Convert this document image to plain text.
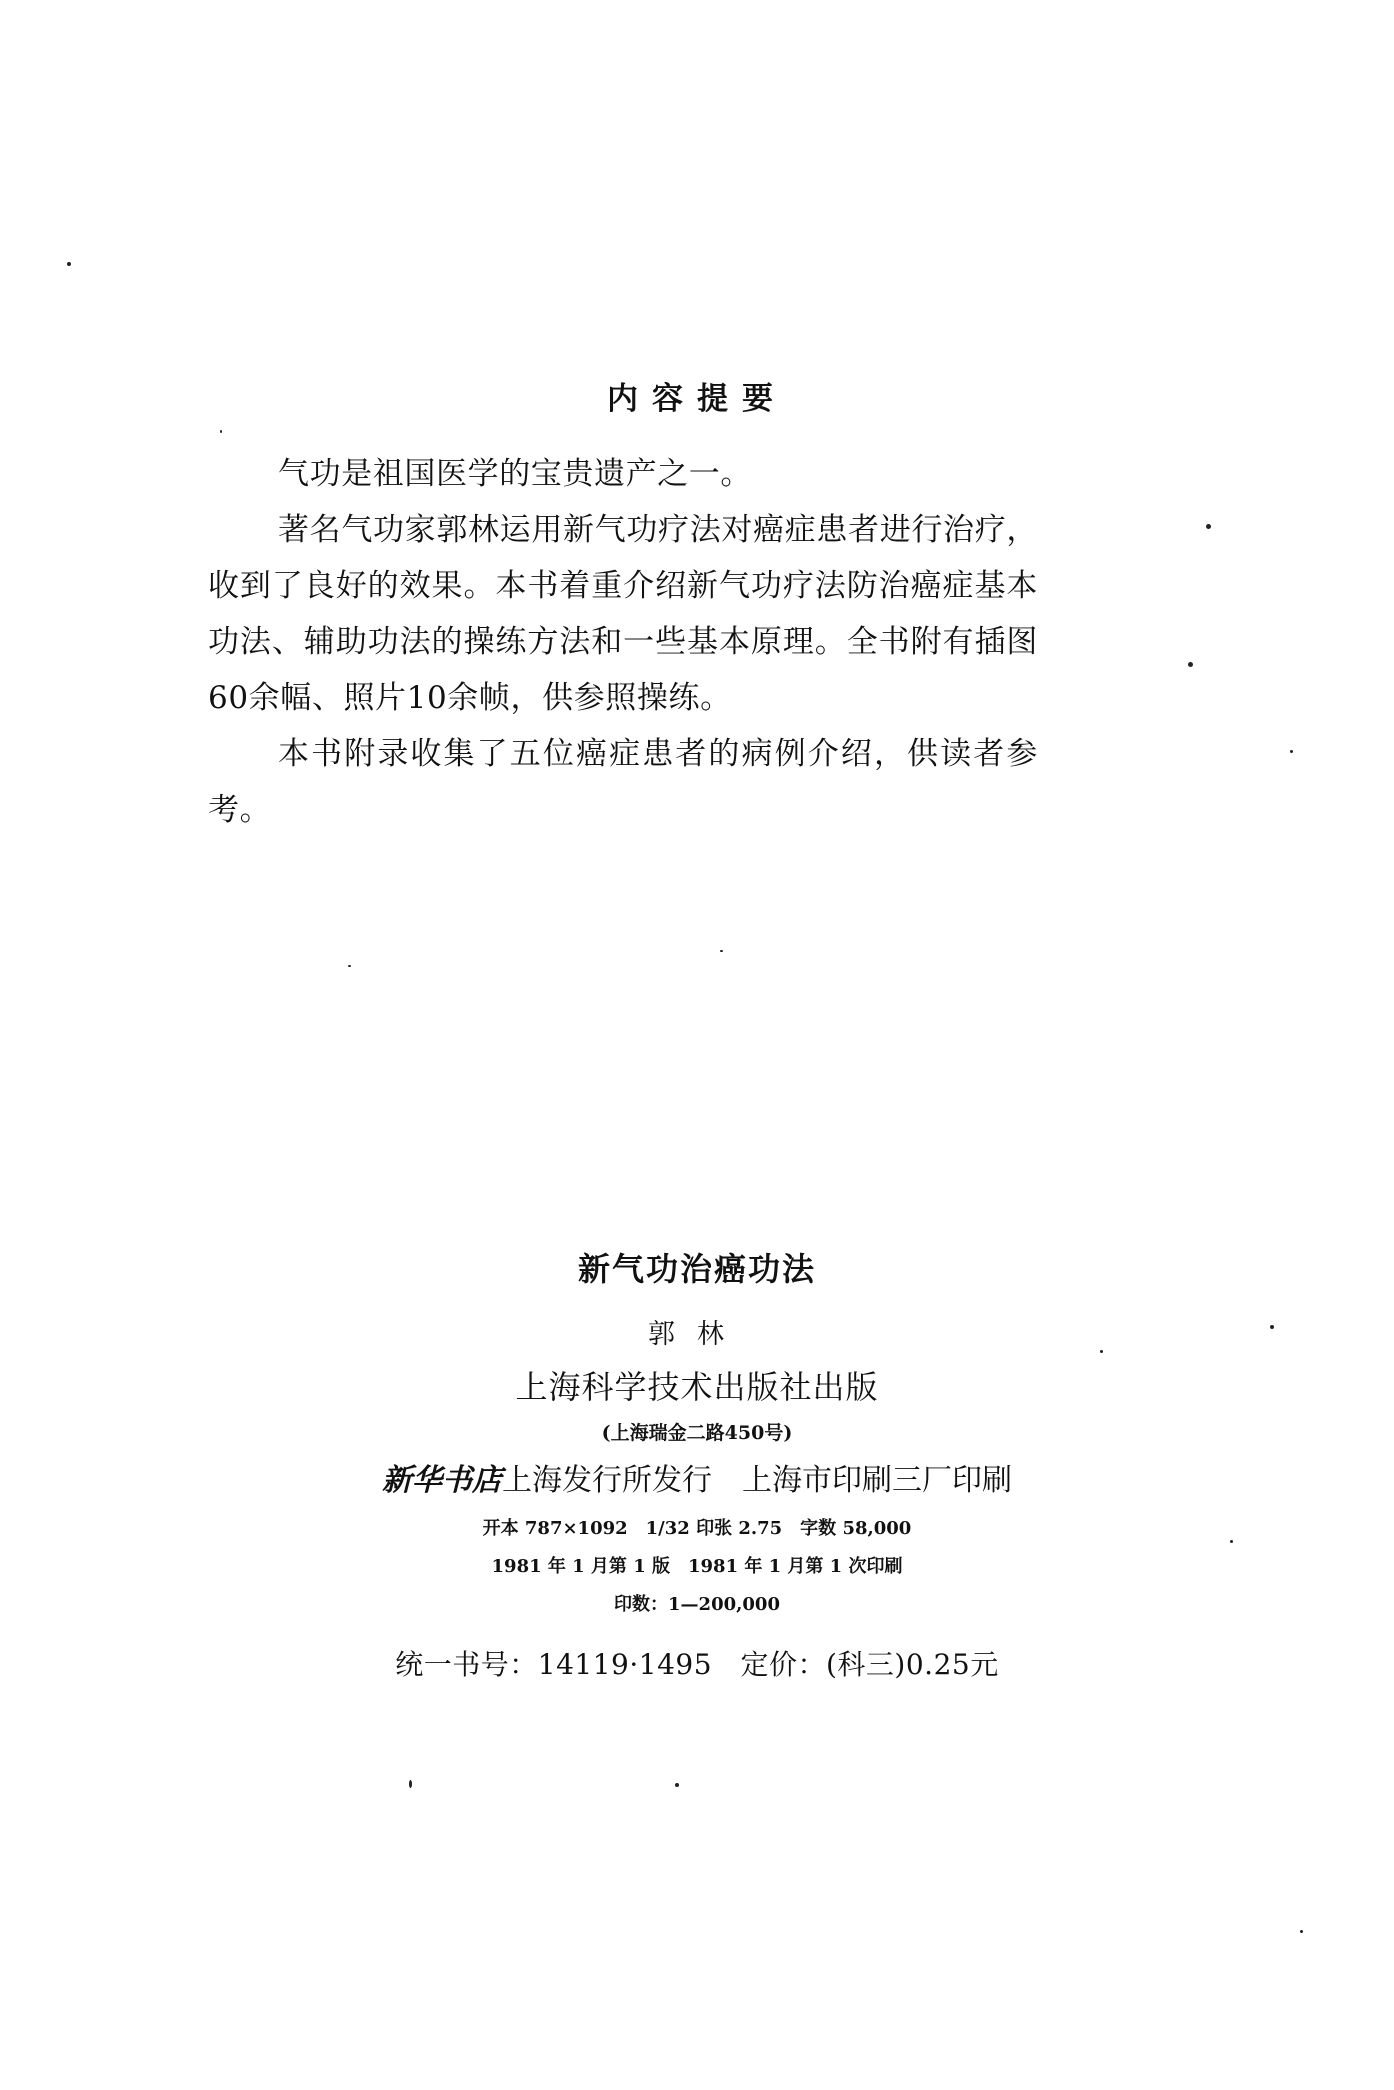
内容提要

气功是祖国医学的宝贵遗产之一。

著名气功家郭林运用新气功疗法对癌症患者进行治疗，收到了良好的效果。本书着重介绍新气功疗法防治癌症基本功法、辅助功法的操练方法和一些基本原理。全书附有插图60余幅、照片10余帧，供参照操练。

本书附录收集了五位癌症患者的病例介绍，供读者参考。

新气功治癌功法
郭林
上海科学技术出版社出版
(上海瑞金二路450号)
新华书店上海发行所发行　上海市印刷三厂印刷
开本 787×1092　1/32 印张 2.75　字数 58,000
1981 年 1 月第 1 版　1981 年 1 月第 1 次印刷
印数：1—200,000
统一书号：14119·1495　定价：(科三)0.25元
